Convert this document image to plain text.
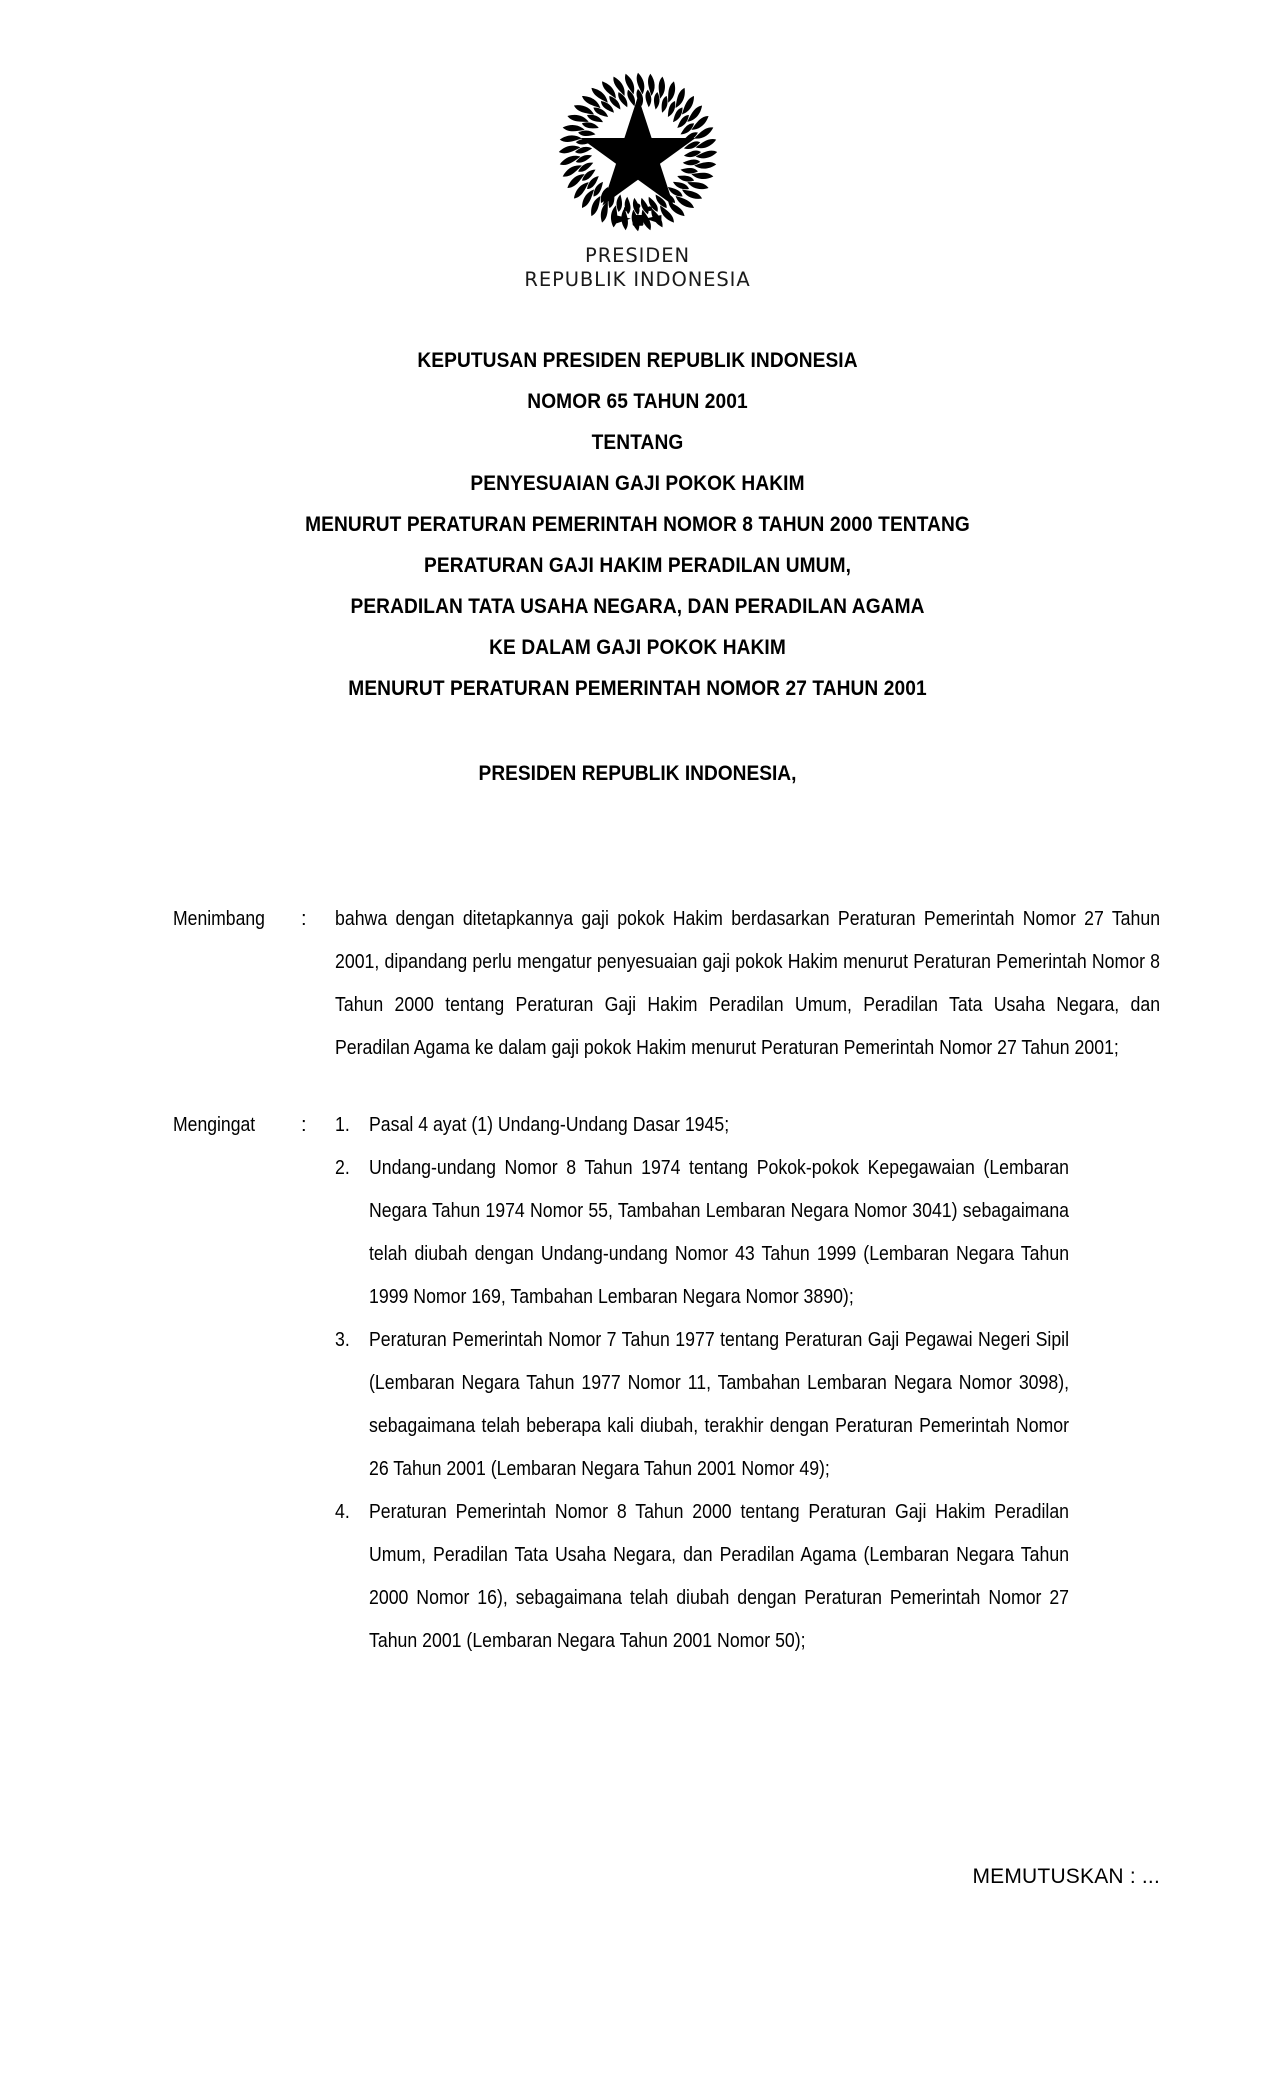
PRESIDEN
REPUBLIK INDONESIA
KEPUTUSAN PRESIDEN REPUBLIK INDONESIA
NOMOR 65 TAHUN 2001
TENTANG
PENYESUAIAN GAJI POKOK HAKIM
MENURUT PERATURAN PEMERINTAH NOMOR 8 TAHUN 2000 TENTANG
PERATURAN GAJI HAKIM PERADILAN UMUM,
PERADILAN TATA USAHA NEGARA, DAN PERADILAN AGAMA
KE DALAM GAJI POKOK HAKIM
MENURUT PERATURAN PEMERINTAH NOMOR 27 TAHUN 2001
PRESIDEN REPUBLIK INDONESIA,
Menimbang	:	bahwa dengan ditetapkannya gaji pokok Hakim berdasarkan Peraturan Pemerintah Nomor 27 Tahun 2001, dipandang perlu mengatur penyesuaian gaji pokok Hakim menurut Peraturan Pemerintah Nomor 8 Tahun 2000 tentang Peraturan Gaji Hakim Peradilan Umum, Peradilan Tata Usaha Negara, dan Peradilan Agama ke dalam gaji pokok Hakim menurut Peraturan Pemerintah Nomor 27 Tahun 2001;

Mengingat	:	1. Pasal 4 ayat (1) Undang-Undang Dasar 1945;
2. Undang-undang Nomor 8 Tahun 1974 tentang Pokok-pokok Kepegawaian (Lembaran Negara Tahun 1974 Nomor 55, Tambahan Lembaran Negara Nomor 3041) sebagaimana telah diubah dengan Undang-undang Nomor 43 Tahun 1999 (Lembaran Negara Tahun 1999 Nomor 169, Tambahan Lembaran Negara Nomor 3890);
3. Peraturan Pemerintah Nomor 7 Tahun 1977 tentang Peraturan Gaji Pegawai Negeri Sipil (Lembaran Negara Tahun 1977 Nomor 11, Tambahan Lembaran Negara Nomor 3098), sebagaimana telah beberapa kali diubah, terakhir dengan Peraturan Pemerintah Nomor 26 Tahun 2001 (Lembaran Negara Tahun 2001 Nomor 49);
4. Peraturan Pemerintah Nomor 8 Tahun 2000 tentang Peraturan Gaji Hakim Peradilan Umum, Peradilan Tata Usaha Negara, dan Peradilan Agama (Lembaran Negara Tahun 2000 Nomor 16), sebagaimana telah diubah dengan Peraturan Pemerintah Nomor 27 Tahun 2001 (Lembaran Negara Tahun 2001 Nomor 50);
MEMUTUSKAN : ...
